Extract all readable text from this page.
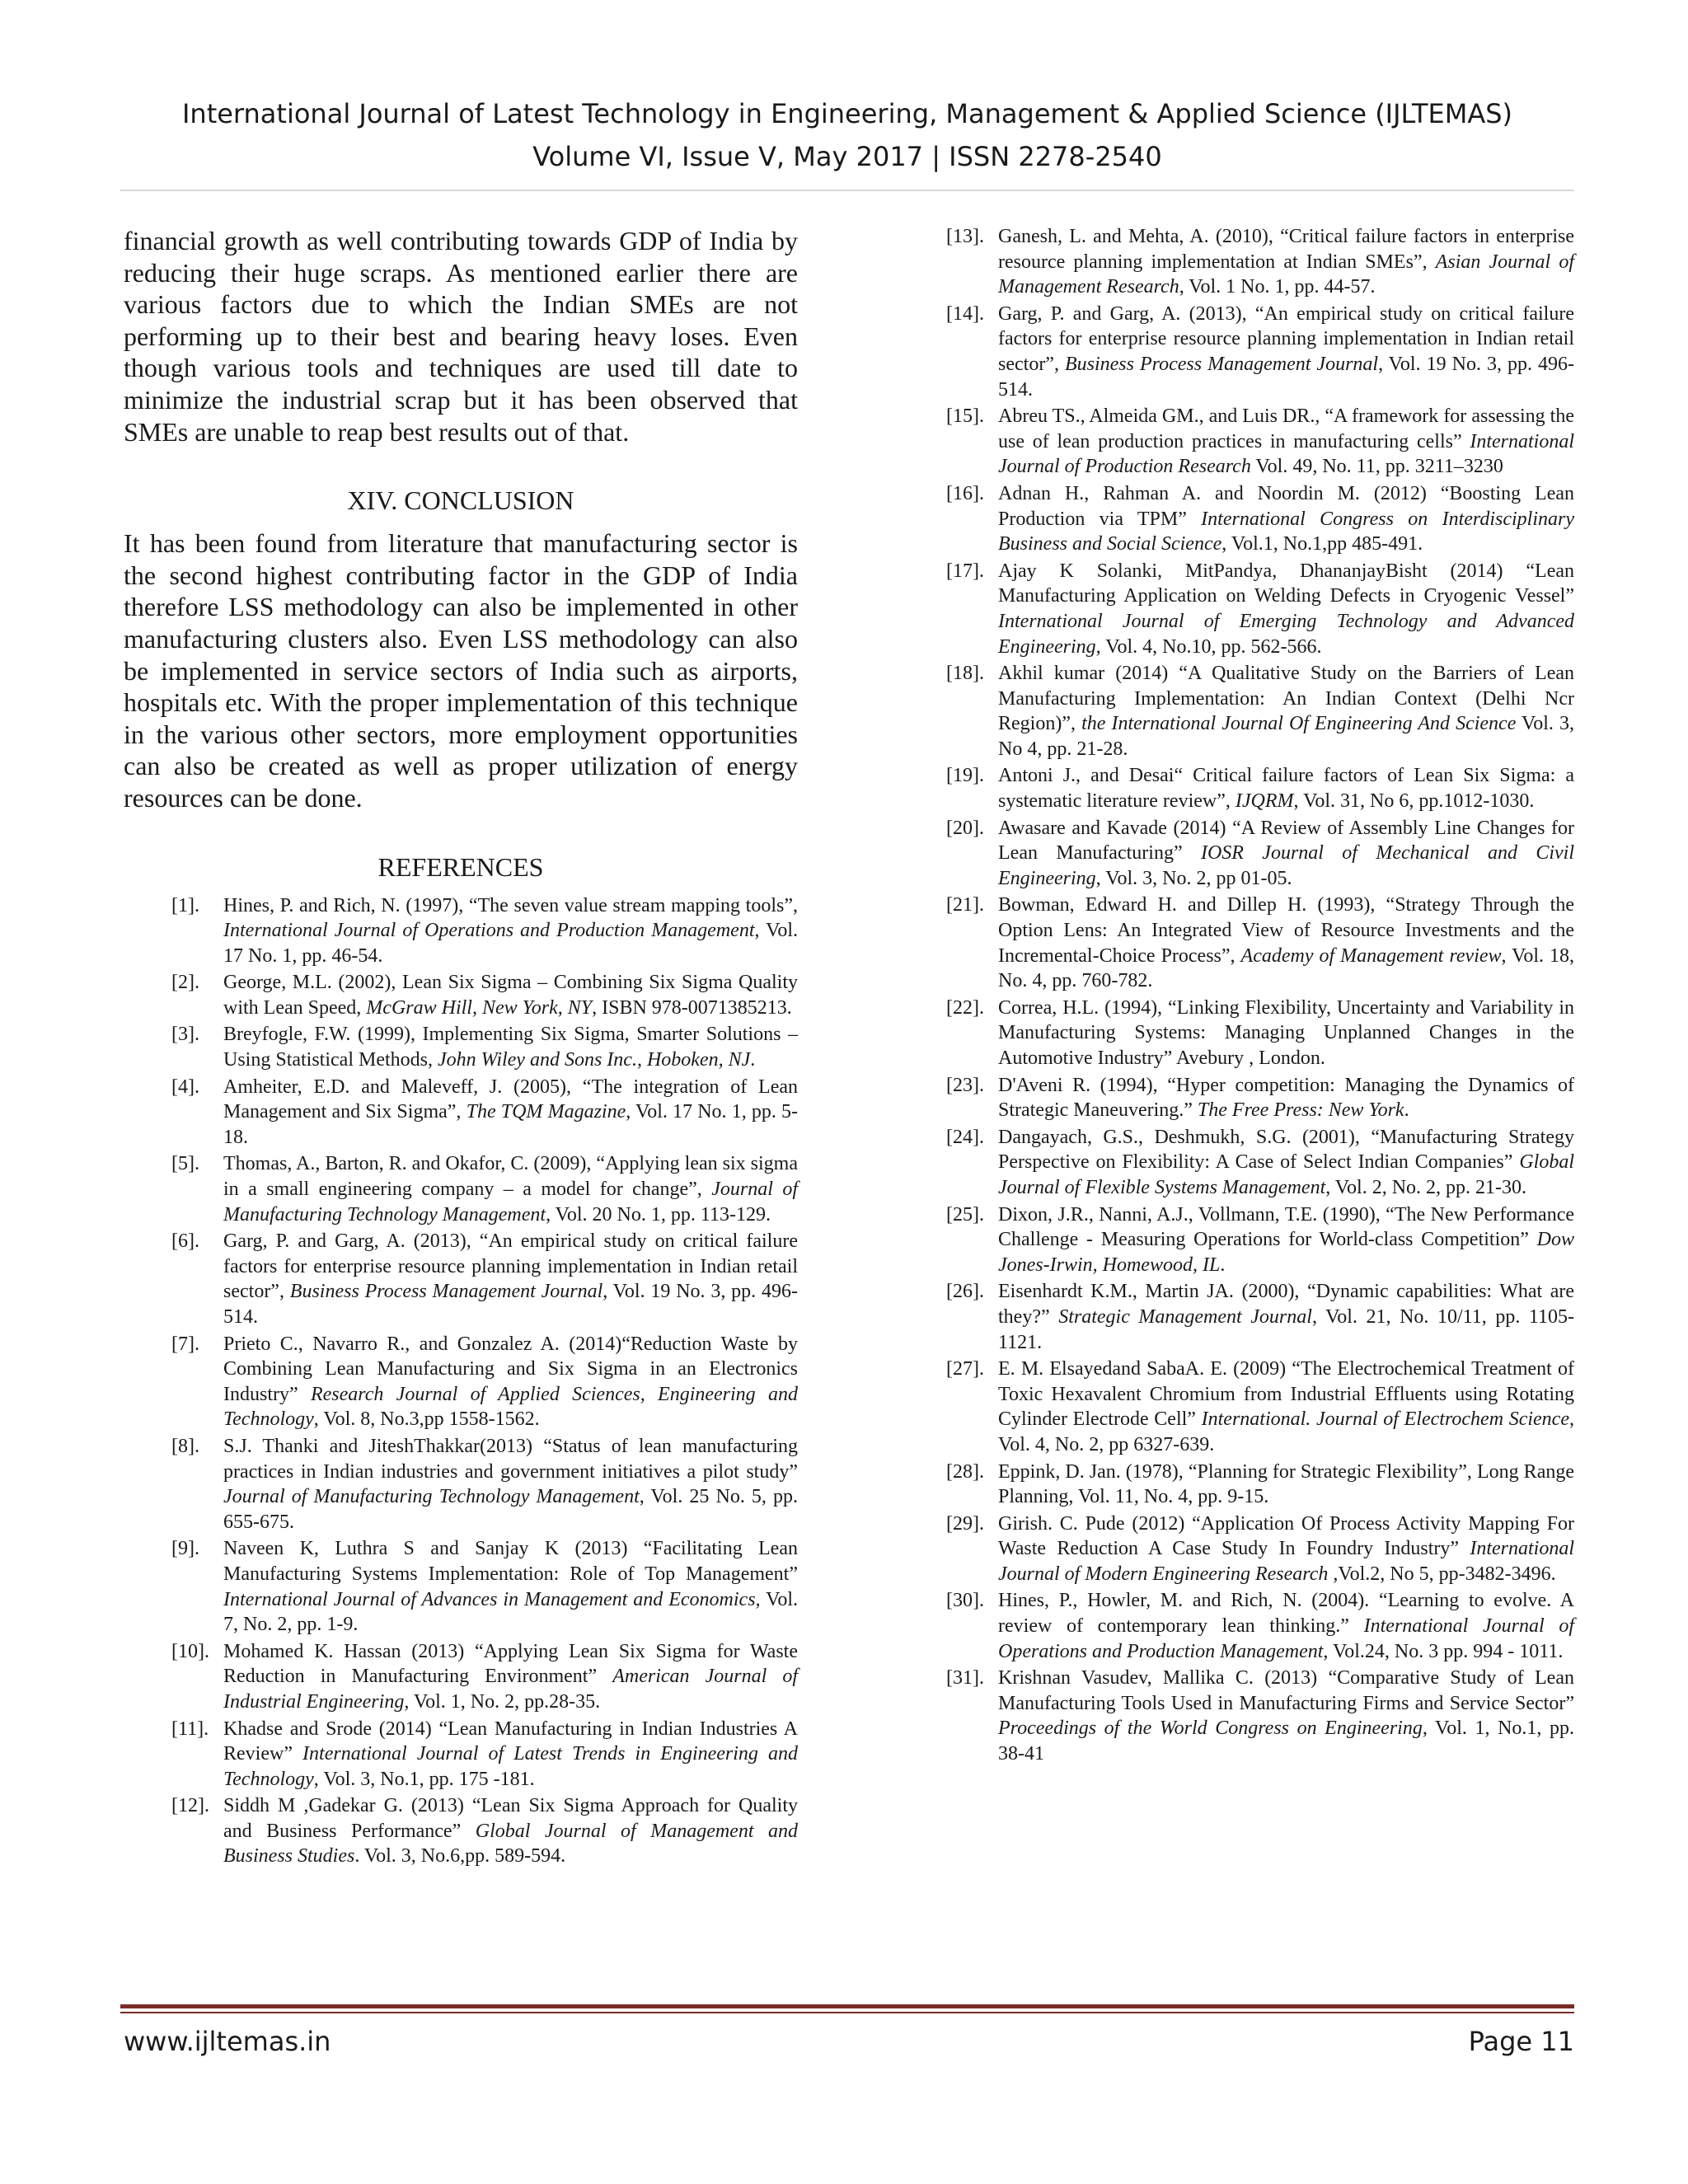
International Journal of Latest Technology in Engineering, Management & Applied Science (IJLTEMAS)
Volume VI, Issue V, May 2017 | ISSN 2278-2540

financial growth as well contributing towards GDP of India by reducing their huge scraps. As mentioned earlier there are various factors due to which the Indian SMEs are not performing up to their best and bearing heavy loses. Even though various tools and techniques are used till date to minimize the industrial scrap but it has been observed that SMEs are unable to reap best results out of that.

XIV. CONCLUSION

It has been found from literature that manufacturing sector is the second highest contributing factor in the GDP of India therefore LSS methodology can also be implemented in other manufacturing clusters also. Even LSS methodology can also be implemented in service sectors of India such as airports, hospitals etc. With the proper implementation of this technique in the various other sectors, more employment opportunities can also be created as well as proper utilization of energy resources can be done.

REFERENCES
[1]. Hines, P. and Rich, N. (1997), “The seven value stream mapping tools”, International Journal of Operations and Production Management, Vol. 17 No. 1, pp. 46-54.
[2]. George, M.L. (2002), Lean Six Sigma – Combining Six Sigma Quality with Lean Speed, McGraw Hill, New York, NY, ISBN 978-0071385213.
[3]. Breyfogle, F.W. (1999), Implementing Six Sigma, Smarter Solutions – Using Statistical Methods, John Wiley and Sons Inc., Hoboken, NJ.
[4]. Amheiter, E.D. and Maleveff, J. (2005), “The integration of Lean Management and Six Sigma”, The TQM Magazine, Vol. 17 No. 1, pp. 5-18.
[5]. Thomas, A., Barton, R. and Okafor, C. (2009), “Applying lean six sigma in a small engineering company – a model for change”, Journal of Manufacturing Technology Management, Vol. 20 No. 1, pp. 113-129.
[6]. Garg, P. and Garg, A. (2013), “An empirical study on critical failure factors for enterprise resource planning implementation in Indian retail sector”, Business Process Management Journal, Vol. 19 No. 3, pp. 496-514.
[7]. Prieto C., Navarro R., and Gonzalez A. (2014)“Reduction Waste by Combining Lean Manufacturing and Six Sigma in an Electronics Industry” Research Journal of Applied Sciences, Engineering and Technology, Vol. 8, No.3,pp 1558-1562.
[8]. S.J. Thanki and JiteshThakkar(2013) “Status of lean manufacturing practices in Indian industries and government initiatives a pilot study” Journal of Manufacturing Technology Management, Vol. 25 No. 5, pp. 655-675.
[9]. Naveen K, Luthra S and Sanjay K (2013) “Facilitating Lean Manufacturing Systems Implementation: Role of Top Management” International Journal of Advances in Management and Economics, Vol. 7, No. 2, pp. 1-9.
[10]. Mohamed K. Hassan (2013) “Applying Lean Six Sigma for Waste Reduction in Manufacturing Environment” American Journal of Industrial Engineering, Vol. 1, No. 2, pp.28-35.
[11]. Khadse and Srode (2014) “Lean Manufacturing in Indian Industries A Review” International Journal of Latest Trends in Engineering and Technology, Vol. 3, No.1, pp. 175 -181.
[12]. Siddh M ,Gadekar G. (2013) “Lean Six Sigma Approach for Quality and Business Performance” Global Journal of Management and Business Studies. Vol. 3, No.6,pp. 589-594.
[13]. Ganesh, L. and Mehta, A. (2010), “Critical failure factors in enterprise resource planning implementation at Indian SMEs”, Asian Journal of Management Research, Vol. 1 No. 1, pp. 44-57.
[14]. Garg, P. and Garg, A. (2013), “An empirical study on critical failure factors for enterprise resource planning implementation in Indian retail sector”, Business Process Management Journal, Vol. 19 No. 3, pp. 496-514.
[15]. Abreu TS., Almeida GM., and Luis DR., “A framework for assessing the use of lean production practices in manufacturing cells” International Journal of Production Research Vol. 49, No. 11, pp. 3211–3230
[16]. Adnan H., Rahman A. and Noordin M. (2012) “Boosting Lean Production via TPM” International Congress on Interdisciplinary Business and Social Science, Vol.1, No.1,pp 485-491.
[17]. Ajay K Solanki, MitPandya, DhananjayBisht (2014) “Lean Manufacturing Application on Welding Defects in Cryogenic Vessel” International Journal of Emerging Technology and Advanced Engineering, Vol. 4, No.10, pp. 562-566.
[18]. Akhil kumar (2014) “A Qualitative Study on the Barriers of Lean Manufacturing Implementation: An Indian Context (Delhi Ncr Region)”, the International Journal Of Engineering And Science Vol. 3, No 4, pp. 21-28.
[19]. Antoni J., and Desai“ Critical failure factors of Lean Six Sigma: a systematic literature review”, IJQRM, Vol. 31, No 6, pp.1012-1030.
[20]. Awasare and Kavade (2014) “A Review of Assembly Line Changes for Lean Manufacturing” IOSR Journal of Mechanical and Civil Engineering, Vol. 3, No. 2, pp 01-05.
[21]. Bowman, Edward H. and Dillep H. (1993), “Strategy Through the Option Lens: An Integrated View of Resource Investments and the Incremental-Choice Process”, Academy of Management review, Vol. 18, No. 4, pp. 760-782.
[22]. Correa, H.L. (1994), “Linking Flexibility, Uncertainty and Variability in Manufacturing Systems: Managing Unplanned Changes in the Automotive Industry” Avebury , London.
[23]. D'Aveni R. (1994), “Hyper competition: Managing the Dynamics of Strategic Maneuvering.” The Free Press: New York.
[24]. Dangayach, G.S., Deshmukh, S.G. (2001), “Manufacturing Strategy Perspective on Flexibility: A Case of Select Indian Companies” Global Journal of Flexible Systems Management, Vol. 2, No. 2, pp. 21-30.
[25]. Dixon, J.R., Nanni, A.J., Vollmann, T.E. (1990), “The New Performance Challenge - Measuring Operations for World-class Competition” Dow Jones-Irwin, Homewood, IL.
[26]. Eisenhardt K.M., Martin JA. (2000), “Dynamic capabilities: What are they?” Strategic Management Journal, Vol. 21, No. 10/11, pp. 1105-1121.
[27]. E. M. Elsayedand SabaA. E. (2009) “The Electrochemical Treatment of Toxic Hexavalent Chromium from Industrial Effluents using Rotating Cylinder Electrode Cell” International. Journal of Electrochem Science, Vol. 4, No. 2, pp 6327-639.
[28]. Eppink, D. Jan. (1978), “Planning for Strategic Flexibility”, Long Range Planning, Vol. 11, No. 4, pp. 9-15.
[29]. Girish. C. Pude (2012) “Application Of Process Activity Mapping For Waste Reduction A Case Study In Foundry Industry” International Journal of Modern Engineering Research ,Vol.2, No 5, pp-3482-3496.
[30]. Hines, P., Howler, M. and Rich, N. (2004). “Learning to evolve. A review of contemporary lean thinking.” International Journal of Operations and Production Management, Vol.24, No. 3 pp. 994 - 1011.
[31]. Krishnan Vasudev, Mallika C. (2013) “Comparative Study of Lean Manufacturing Tools Used in Manufacturing Firms and Service Sector” Proceedings of the World Congress on Engineering, Vol. 1, No.1, pp. 38-41
www.ijltemas.in	Page 11
